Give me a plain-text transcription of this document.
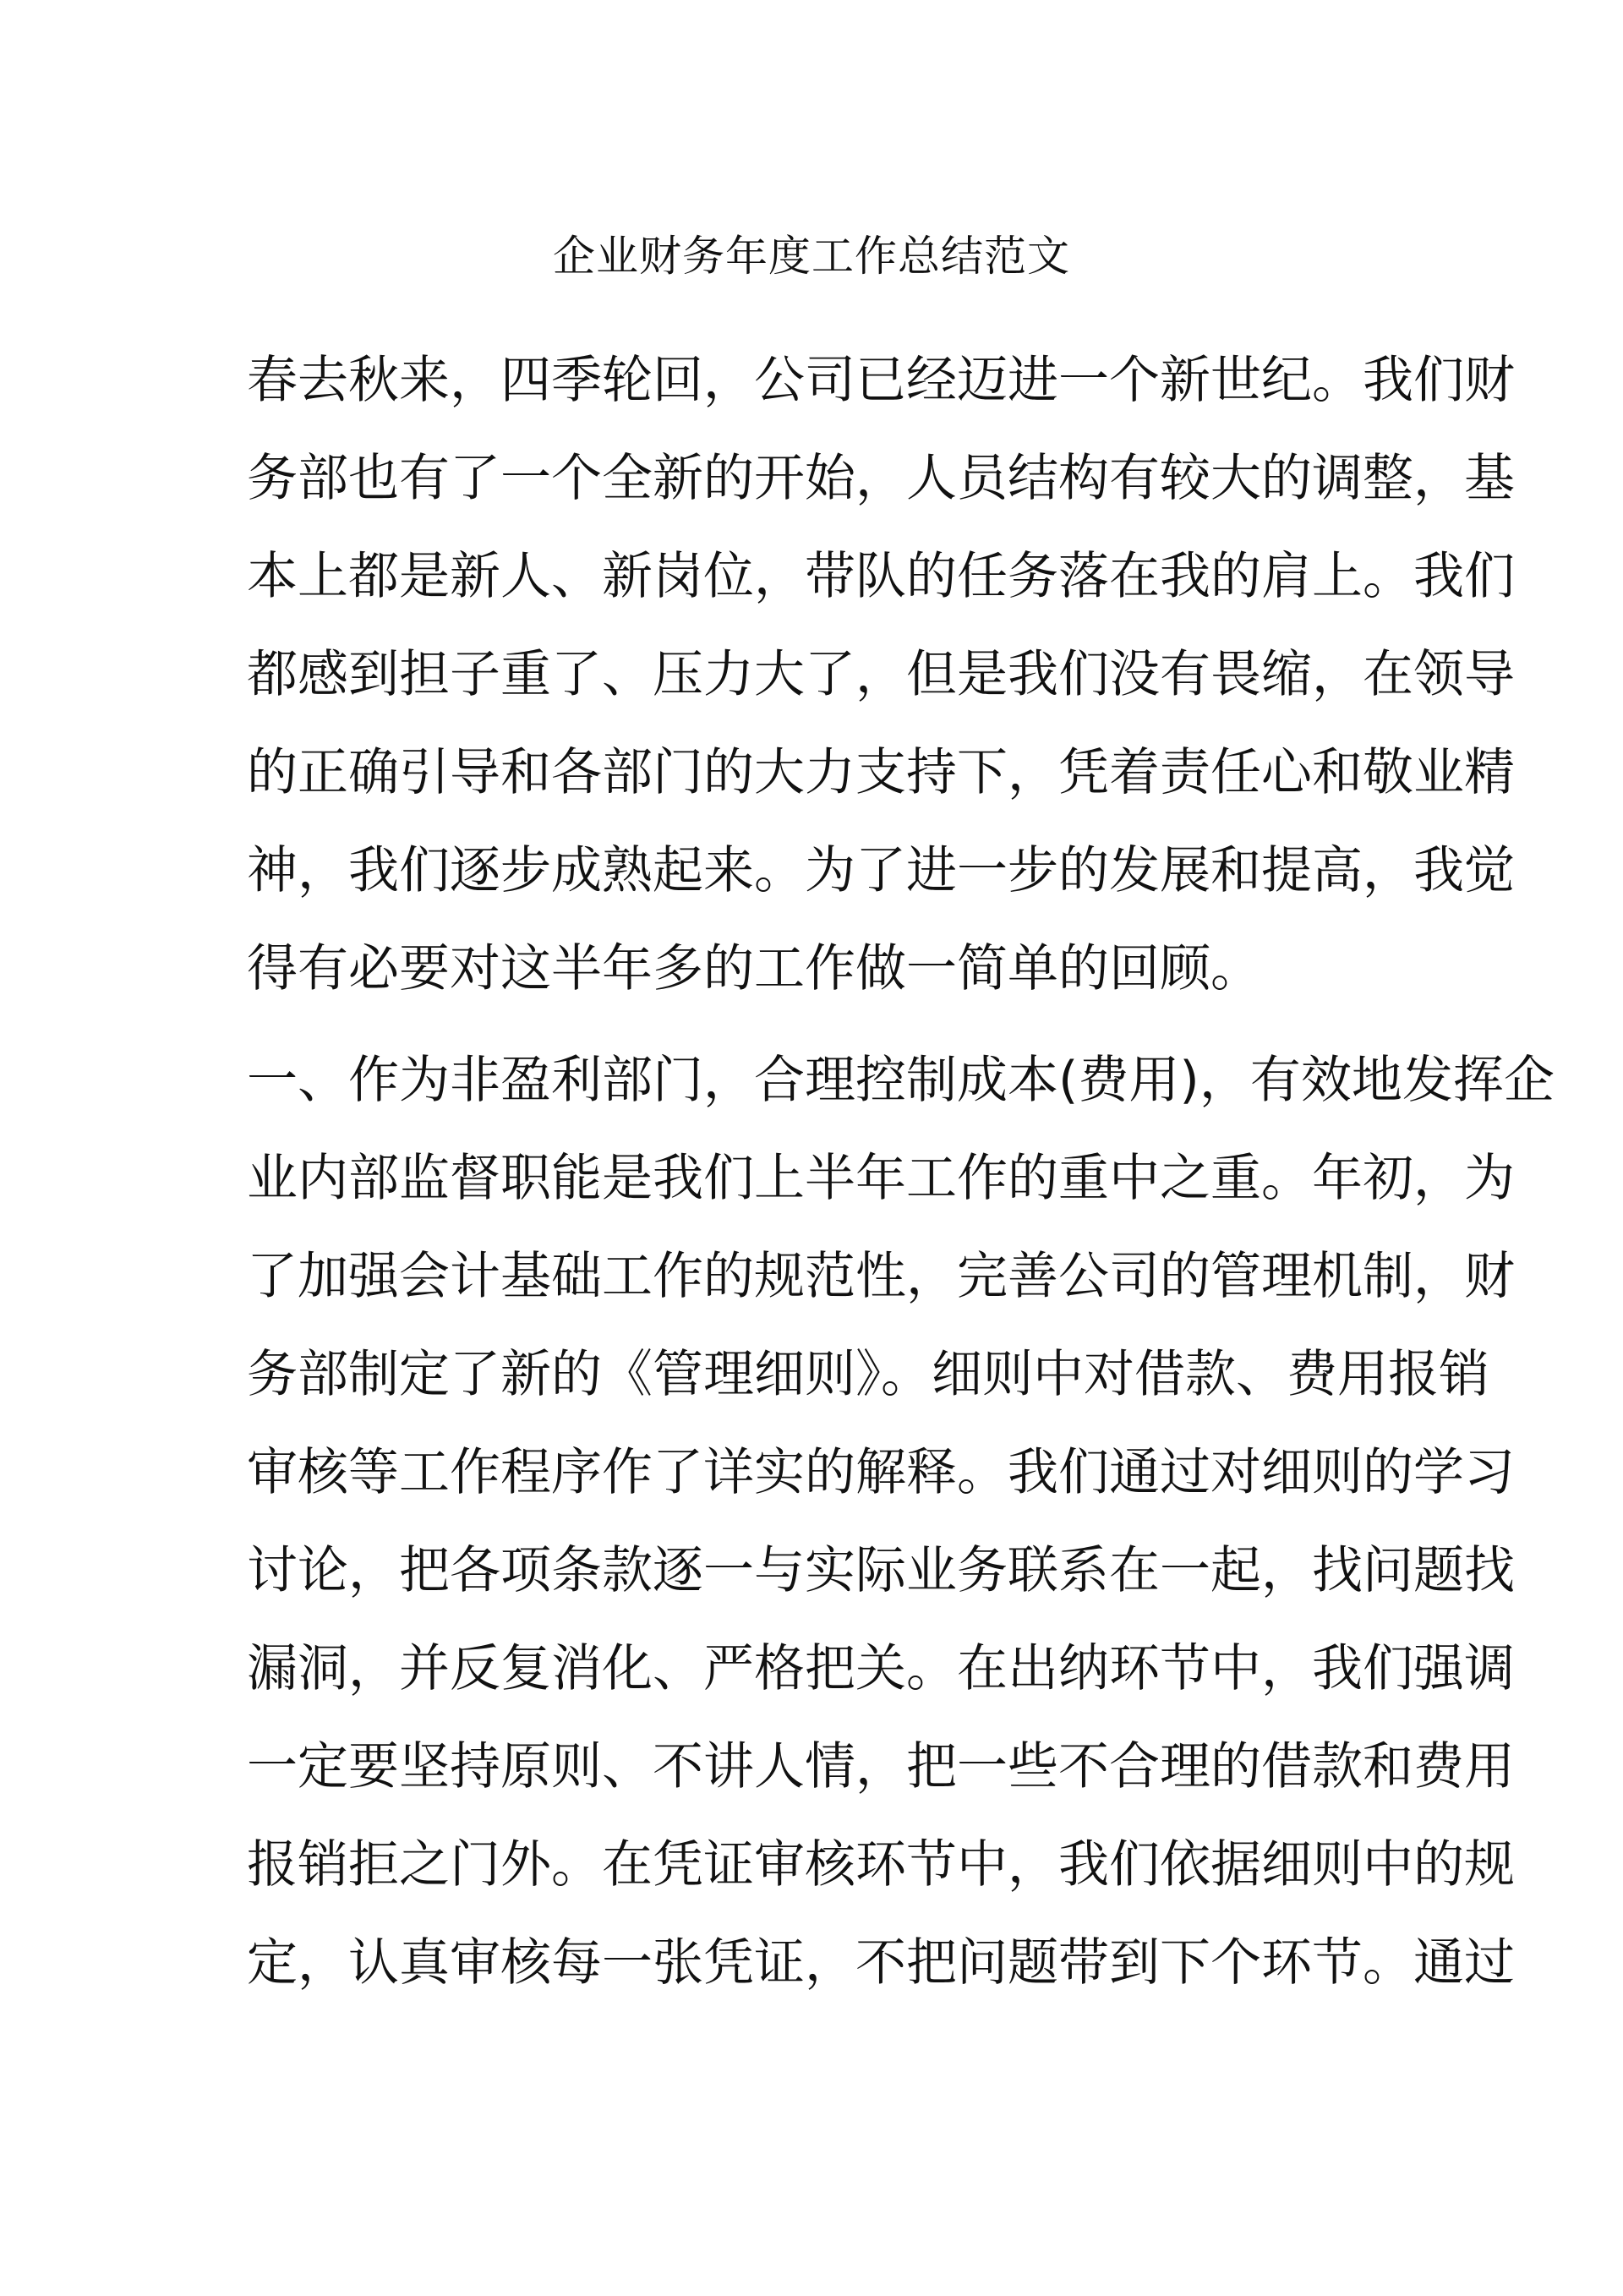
企业财务年度工作总结范文
春去秋来，四季轮回，公司已经迈进一个新世纪。我们财
务部也有了一个全新的开始，人员结构有较大的调整，基
本上都是新人、新岗位，带队的任务落在我的肩上。我们
都感到担子重了、压力大了，但是我们没有畏缩，在领导
的正确引导和各部门的大力支持下，凭着责任心和敬业精
神，我们逐步成熟起来。为了进一步的发展和提高，我觉
得有必要对这半年多的工作做一简单的回顾。
一、作为非盈利部门，合理控制成本(费用)，有效地发挥企
业内部监督职能是我们上半年工作的重中之重。年初，为
了加强会计基础工作的规范性，完善公司的管理机制，财
务部制定了新的《管理细则》。细则中对借款、费用报销
审核等工作程序作了详实的解释。我们通过对细则的学习
讨论，把各项条款逐一与实际业务联系在一起，找问题找
漏洞，并反复消化、严格把关。在出纳环节中，我们强调
一定要坚持原则、不讲人情，把一些不合理的借款和费用
报销拒之门外。在凭证审核环节中，我们依据细则中的规
定，认真审核每一张凭证，不把问题带到下个环节。通过
